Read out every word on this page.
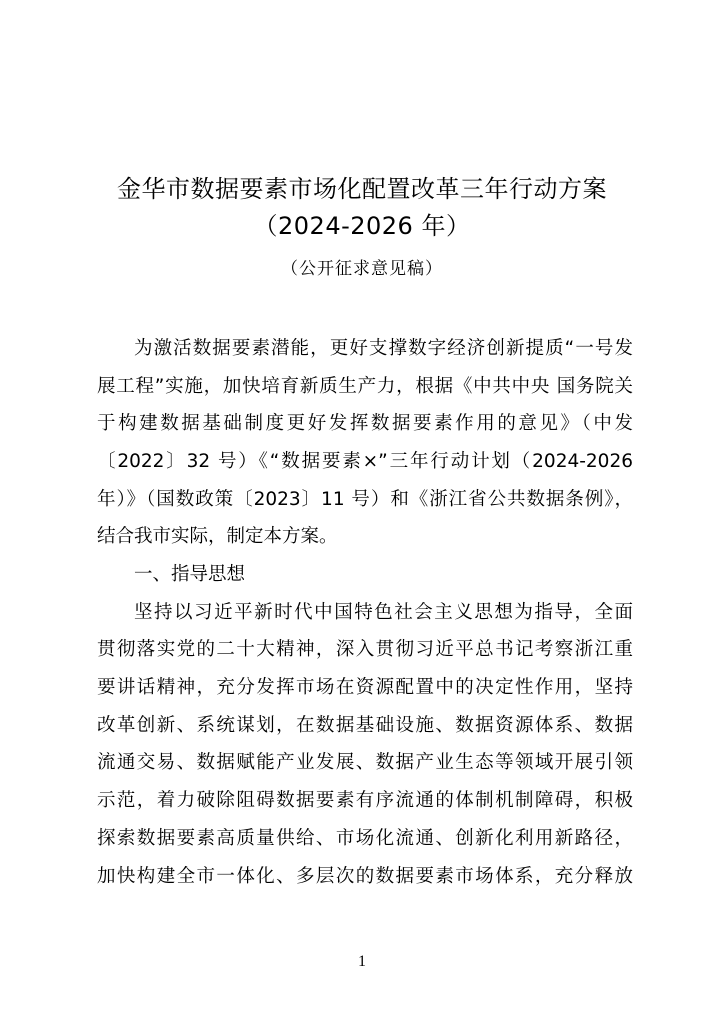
金华市数据要素市场化配置改革三年行动方案
（2024-2026 年）
（公开征求意见稿）
为激活数据要素潜能，更好支撑数字经济创新提质“一号发
展工程”实施，加快培育新质生产力，根据《中共中央 国务院关
于构建数据基础制度更好发挥数据要素作用的意见》（中发
〔2022〕32 号）《“数据要素×”三年行动计划（2024-2026
年）》（国数政策〔2023〕11 号）和《浙江省公共数据条例》，
结合我市实际，制定本方案。
一、指导思想
坚持以习近平新时代中国特色社会主义思想为指导，全面
贯彻落实党的二十大精神，深入贯彻习近平总书记考察浙江重
要讲话精神，充分发挥市场在资源配置中的决定性作用，坚持
改革创新、系统谋划，在数据基础设施、数据资源体系、数据
流通交易、数据赋能产业发展、数据产业生态等领域开展引领
示范，着力破除阻碍数据要素有序流通的体制机制障碍，积极
探索数据要素高质量供给、市场化流通、创新化利用新路径，
加快构建全市一体化、多层次的数据要素市场体系，充分释放
1
